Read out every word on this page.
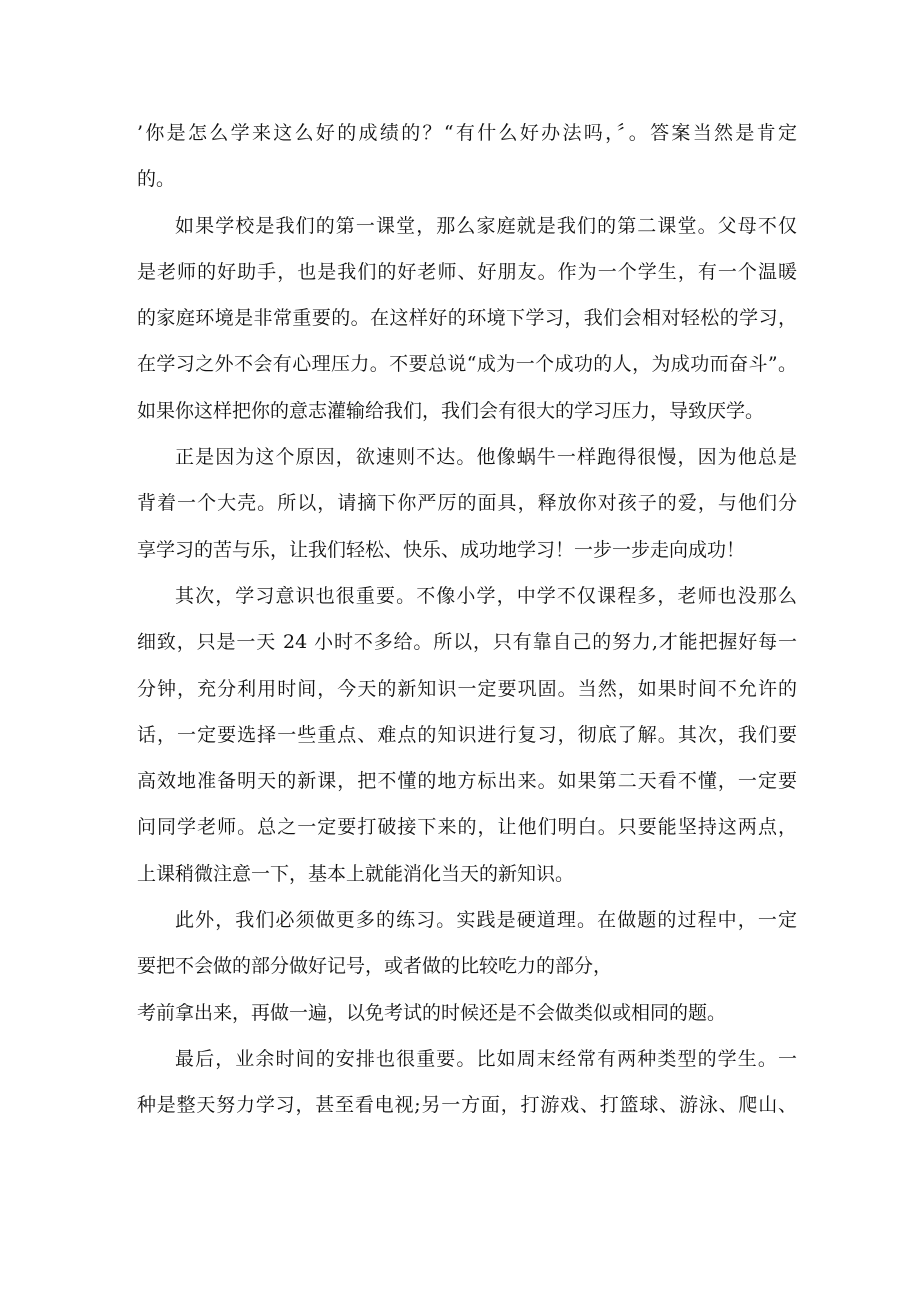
’你是怎么学来这么好的成绩的？“有什么好办法吗，〞。答案当然是肯定
的。
如果学校是我们的第一课堂，那么家庭就是我们的第二课堂。父母不仅
是老师的好助手，也是我们的好老师、好朋友。作为一个学生，有一个温暖
的家庭环境是非常重要的。在这样好的环境下学习，我们会相对轻松的学习，
在学习之外不会有心理压力。不要总说“成为一个成功的人，为成功而奋斗”。
如果你这样把你的意志灌输给我们，我们会有很大的学习压力，导致厌学。
正是因为这个原因，欲速则不达。他像蜗牛一样跑得很慢，因为他总是
背着一个大壳。所以，请摘下你严厉的面具，释放你对孩子的爱，与他们分
享学习的苦与乐，让我们轻松、快乐、成功地学习！一步一步走向成功！
其次，学习意识也很重要。不像小学，中学不仅课程多，老师也没那么
细致，只是一天 24 小时不多给。所以，只有靠自己的努力,才能把握好每一
分钟，充分利用时间，今天的新知识一定要巩固。当然，如果时间不允许的
话，一定要选择一些重点、难点的知识进行复习，彻底了解。其次，我们要
高效地准备明天的新课，把不懂的地方标出来。如果第二天看不懂，一定要
问同学老师。总之一定要打破接下来的，让他们明白。只要能坚持这两点，
上课稍微注意一下，基本上就能消化当天的新知识。
此外，我们必须做更多的练习。实践是硬道理。在做题的过程中，一定
要把不会做的部分做好记号，或者做的比较吃力的部分，
考前拿出来，再做一遍，以免考试的时候还是不会做类似或相同的题。
最后，业余时间的安排也很重要。比如周末经常有两种类型的学生。一
种是整天努力学习，甚至看电视;另一方面，打游戏、打篮球、游泳、爬山、
